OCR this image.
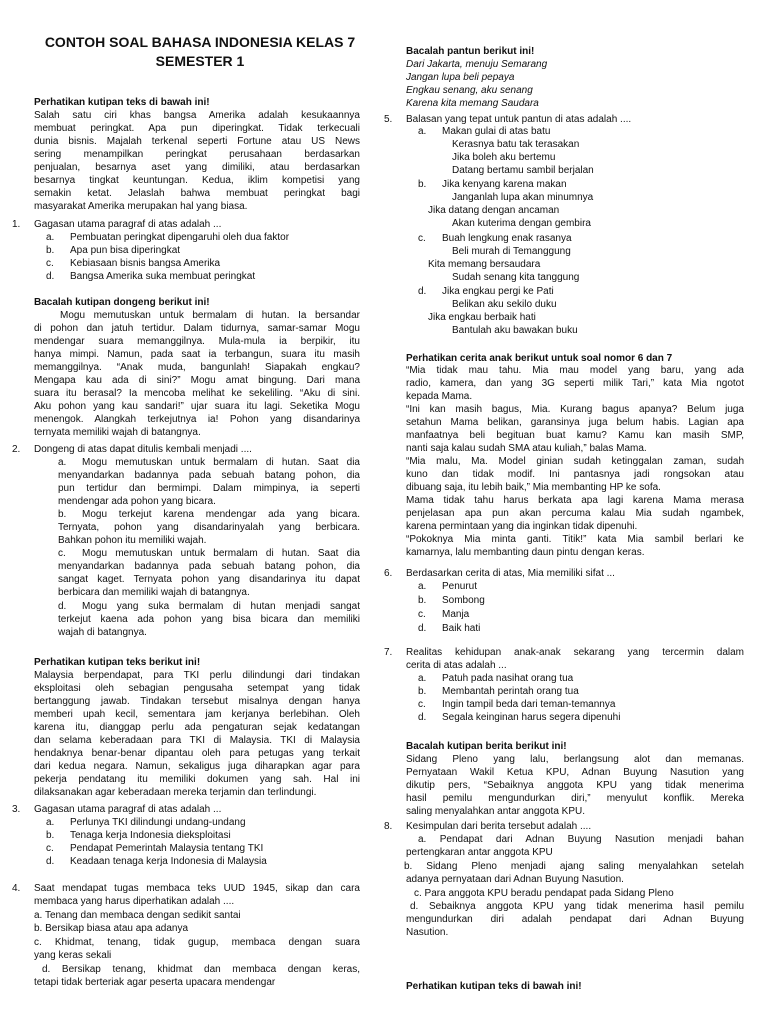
CONTOH SOAL BAHASA INDONESIA KELAS 7
SEMESTER 1
Perhatikan kutipan teks di bawah ini!
Salah satu ciri khas bangsa Amerika adalah kesukaannya
membuat peringkat. Apa pun diperingkat. Tidak terkecuali
dunia bisnis. Majalah terkenal seperti Fortune atau US News
sering menampilkan peringkat perusahaan berdasarkan
penjualan, besarnya aset yang dimiliki, atau berdasarkan
besarnya tingkat keuntungan. Kedua, iklim kompetisi yang
semakin ketat. Jelaslah bahwa membuat peringkat bagi
masyarakat Amerika merupakan hal yang biasa.
1. Gagasan utama paragraf di atas adalah ...
a. Pembuatan peringkat dipengaruhi oleh dua faktor
b. Apa pun bisa diperingkat
c. Kebiasaan bisnis bangsa Amerika
d. Bangsa Amerika suka membuat peringkat
Bacalah kutipan dongeng berikut ini!
Mogu memutuskan untuk bermalam di hutan. Ia bersandar
di pohon dan jatuh tertidur. Dalam tidurnya, samar-samar Mogu
mendengar suara memanggilnya. Mula-mula ia berpikir, itu
hanya mimpi. Namun, pada saat ia terbangun, suara itu masih
memanggilnya. “Anak muda, bangunlah! Siapakah engkau?
Mengapa kau ada di sini?” Mogu amat bingung. Dari mana
suara itu berasal? Ia mencoba melihat ke sekeliling. “Aku di sini.
Aku pohon yang kau sandari!” ujar suara itu lagi. Seketika Mogu
menengok. Alangkah terkejutnya ia! Pohon yang disandarinya
ternyata memiliki wajah di batangnya.
2. Dongeng di atas dapat ditulis kembali menjadi ....
a. Mogu memutuskan untuk bermalam di hutan. Saat dia
menyandarkan badannya pada sebuah batang pohon, dia
pun tertidur dan bermimpi. Dalam mimpinya, ia seperti
mendengar ada pohon yang bicara.
b. Mogu terkejut karena mendengar ada yang bicara.
Ternyata, pohon yang disandarinyalah yang berbicara.
Bahkan pohon itu memiliki wajah.
c. Mogu memutuskan untuk bermalam di hutan. Saat dia
menyandarkan badannya pada sebuah batang pohon, dia
sangat kaget. Ternyata pohon yang disandarinya itu dapat
berbicara dan memiliki wajah di batangnya.
d. Mogu yang suka bermalam di hutan menjadi sangat
terkejut kaena ada pohon yang bisa bicara dan memiliki
wajah di batangnya.
Perhatikan kutipan teks berikut ini!
Malaysia berpendapat, para TKI perlu dilindungi dari tindakan
eksploitasi oleh sebagian pengusaha setempat yang tidak
bertanggung jawab. Tindakan tersebut misalnya dengan hanya
memberi upah kecil, sementara jam kerjanya berlebihan. Oleh
karena itu, dianggap perlu ada pengaturan sejak kedatangan
dan selama keberadaan para TKI di Malaysia. TKI di Malaysia
hendaknya benar-benar dipantau oleh para petugas yang terkait
dari kedua negara. Namun, sekaligus juga diharapkan agar para
pekerja pendatang itu memiliki dokumen yang sah. Hal ini
dilaksanakan agar keberadaan mereka terjamin dan terlindungi.
3. Gagasan utama paragraf di atas adalah ...
a. Perlunya TKI dilindungi undang-undang
b. Tenaga kerja Indonesia dieksploitasi
c. Pendapat Pemerintah Malaysia tentang TKI
d. Keadaan tenaga kerja Indonesia di Malaysia
4. Saat mendapat tugas membaca teks UUD 1945, sikap dan cara
membaca yang harus diperhatikan adalah ....
a. Tenang dan membaca dengan sedikit santai
b. Bersikap biasa atau apa adanya
c. Khidmat, tenang, tidak gugup, membaca dengan suara
yang keras sekali
d. Bersikap tenang, khidmat dan membaca dengan keras,
tetapi tidak berteriak agar peserta upacara mendengar
Bacalah pantun berikut ini!
Dari Jakarta, menuju Semarang
Jangan lupa beli pepaya
Engkau senang, aku senang
Karena kita memang Saudara
5. Balasan yang tepat untuk pantun di atas adalah ....
a. Makan gulai di atas batu
Kerasnya batu tak terasakan
Jika boleh aku bertemu
Datang bertamu sambil berjalan
b. Jika kenyang karena makan
Janganlah lupa akan minumnya
Jika datang dengan ancaman
Akan kuterima dengan gembira
c. Buah lengkung enak rasanya
Beli murah di Temanggung
Kita memang bersaudara
Sudah senang kita tanggung
d. Jika engkau pergi ke Pati
Belikan aku sekilo duku
Jika engkau berbaik hati
Bantulah aku bawakan buku
Perhatikan cerita anak berikut untuk soal nomor 6 dan 7
“Mia tidak mau tahu. Mia mau model yang baru, yang ada
radio, kamera, dan yang 3G seperti milik Tari,” kata Mia ngotot
kepada Mama.
“Ini kan masih bagus, Mia. Kurang bagus apanya? Belum juga
setahun Mama belikan, garansinya juga belum habis. Lagian apa
manfaatnya beli begituan buat kamu? Kamu kan masih SMP,
nanti saja kalau sudah SMA atau kuliah,” balas Mama.
“Mia malu, Ma. Model ginian sudah ketinggalan zaman, sudah
kuno dan tidak modif. Ini pantasnya jadi rongsokan atau
dibuang saja, itu lebih baik,” Mia membanting HP ke sofa.
Mama tidak tahu harus berkata apa lagi karena Mama merasa
penjelasan apa pun akan percuma kalau Mia sudah ngambek,
karena permintaan yang dia inginkan tidak dipenuhi.
“Pokoknya Mia minta ganti. Titik!” kata Mia sambil berlari ke
kamarnya, lalu membanting daun pintu dengan keras.
6. Berdasarkan cerita di atas, Mia memiliki sifat ...
a. Penurut
b. Sombong
c. Manja
d. Baik hati
7. Realitas kehidupan anak-anak sekarang yang tercermin dalam
cerita di atas adalah ...
a. Patuh pada nasihat orang tua
b. Membantah perintah orang tua
c. Ingin tampil beda dari teman-temannya
d. Segala keinginan harus segera dipenuhi
Bacalah kutipan berita berikut ini!
Sidang Pleno yang lalu, berlangsung alot dan memanas.
Pernyataan Wakil Ketua KPU, Adnan Buyung Nasution yang
dikutip pers, “Sebaiknya anggota KPU yang tidak menerima
hasil pemilu mengundurkan diri,” menyulut konflik. Mereka
saling menyalahkan antar anggota KPU.
8. Kesimpulan dari berita tersebut adalah ....
a. Pendapat dari Adnan Buyung Nasution menjadi bahan
pertengkaran antar anggota KPU
b. Sidang Pleno menjadi ajang saling menyalahkan setelah
adanya pernyataan dari Adnan Buyung Nasution.
c. Para anggota KPU beradu pendapat pada Sidang Pleno
d. Sebaiknya anggota KPU yang tidak menerima hasil pemilu
mengundurkan diri adalah pendapat dari Adnan Buyung
Nasution.
Perhatikan kutipan teks di bawah ini!
